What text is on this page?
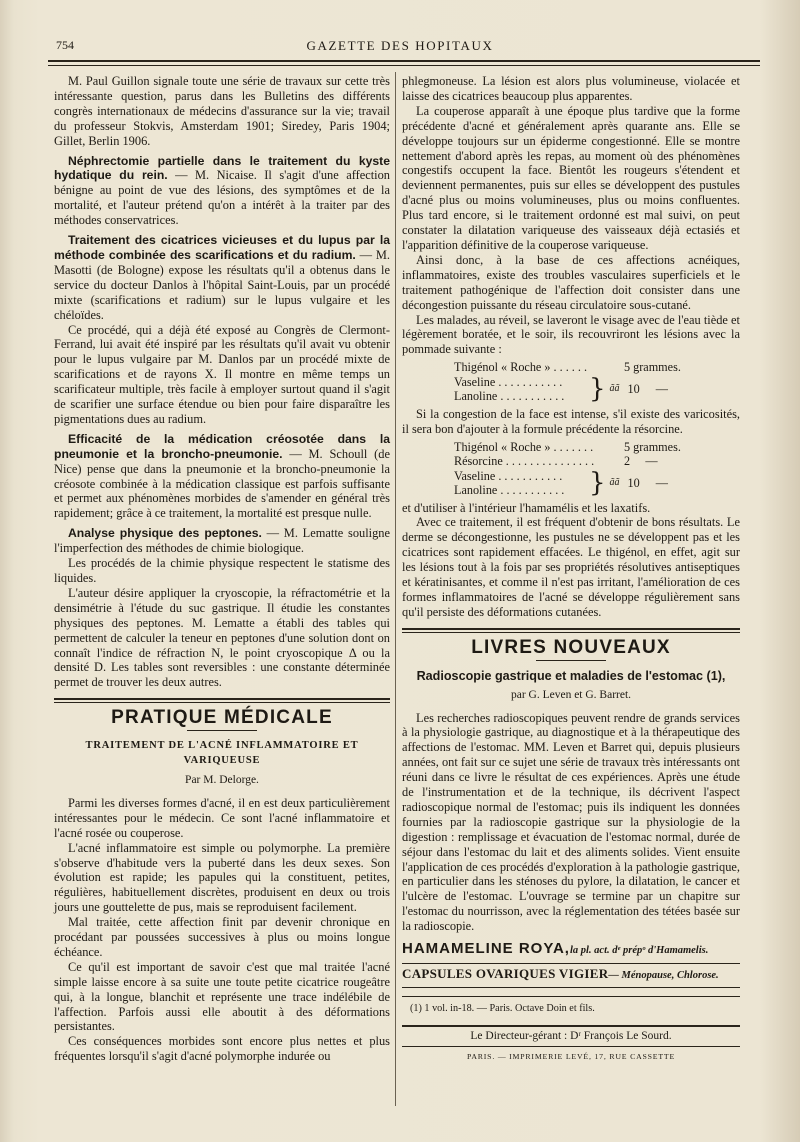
754	GAZETTE DES HOPITAUX

M. Paul Guillon signale toute une série de travaux sur cette très intéressante question, parus dans les Bulletins des différents congrès internationaux de médecins d'assurance sur la vie; travail du professeur Stokvis, Amsterdam 1901; Siredey, Paris 1904; Gillet, Berlin 1906.

Néphrectomie partielle dans le traitement du kyste hydatique du rein. — M. Nicaise. Il s'agit d'une affection bénigne au point de vue des lésions, des symptômes et de la mortalité, et l'auteur prétend qu'on a intérêt à la traiter par des méthodes conservatrices.

Traitement des cicatrices vicieuses et du lupus par la méthode combinée des scarifications et du radium. — M. Masotti (de Bologne) expose les résultats qu'il a obtenus dans le service du docteur Danlos à l'hôpital Saint-Louis, par un procédé mixte (scarifications et radium) sur le lupus vulgaire et les chéloïdes.

Ce procédé, qui a déjà été exposé au Congrès de Clermont-Ferrand, lui avait été inspiré par les résultats qu'il avait vu obtenir pour le lupus vulgaire par M. Danlos par un procédé mixte de scarifications et de rayons X. Il montre en même temps un scarificateur multiple, très facile à employer surtout quand il s'agit de scarifier une surface étendue ou bien pour faire disparaître les pigmentations dues au radium.

Efficacité de la médication créosotée dans la pneumonie et la broncho-pneumonie. — M. Schoull (de Nice) pense que dans la pneumonie et la broncho-pneumonie la créosote combinée à la médication classique est parfois suffisante et permet aux phénomènes morbides de s'amender en général très rapidement; grâce à ce traitement, la mortalité est presque nulle.

Analyse physique des peptones. — M. Lematte souligne l'imperfection des méthodes de chimie biologique.

Les procédés de la chimie physique respectent le statisme des liquides.

L'auteur désire appliquer la cryoscopie, la réfractométrie et la densimétrie à l'étude du suc gastrique. Il étudie les constantes physiques des peptones. M. Lematte a établi des tables qui permettent de calculer la teneur en peptones d'une solution dont on connaît l'indice de réfraction N, le point cryoscopique Δ ou la densité D. Les tables sont reversibles : une constante déterminée permet de trouver les deux autres.

PRATIQUE MÉDICALE
TRAITEMENT DE L'ACNÉ INFLAMMATOIRE ET VARIQUEUSE
Par M. Delorge.

Parmi les diverses formes d'acné, il en est deux particulièrement intéressantes pour le médecin. Ce sont l'acné inflammatoire et l'acné rosée ou couperose.

L'acné inflammatoire est simple ou polymorphe. La première s'observe d'habitude vers la puberté dans les deux sexes. Son évolution est rapide; les papules qui la constituent, petites, régulières, habituellement discrètes, produisent en deux ou trois jours une gouttelette de pus, mais se reproduisent facilement.

Mal traitée, cette affection finit par devenir chronique en procédant par poussées successives à plus ou moins longue échéance.

Ce qu'il est important de savoir c'est que mal traitée l'acné simple laisse encore à sa suite une toute petite cicatrice rougeâtre qui, à la longue, blanchit et représente une trace indélébile de l'affection. Parfois aussi elle aboutit à des déformations persistantes.

Ces conséquences morbides sont encore plus nettes et plus fréquentes lorsqu'il s'agit d'acné polymorphe indurée ou

phlegmoneuse. La lésion est alors plus volumineuse, violacée et laisse des cicatrices beaucoup plus apparentes.

La couperose apparaît à une époque plus tardive que la forme précédente d'acné et généralement après quarante ans. Elle se développe toujours sur un épiderme congestionné. Elle se montre nettement d'abord après les repas, au moment où des phénomènes congestifs occupent la face. Bientôt les rougeurs s'étendent et deviennent permanentes, puis sur elles se développent des pustules d'acné plus ou moins volumineuses, plus ou moins confluentes. Plus tard encore, si le traitement ordonné est mal suivi, on peut constater la dilatation variqueuse des vaisseaux déjà ectasiés et l'apparition définitive de la couperose variqueuse.

Ainsi donc, à la base de ces affections acnéiques, inflammatoires, existe des troubles vasculaires superficiels et le traitement pathogénique de l'affection doit consister dans une décongestion puissante du réseau circulatoire sous-cutané.

Les malades, au réveil, se laveront le visage avec de l'eau tiède et légèrement boratée, et le soir, ils recouvriront les lésions avec la pommade suivante :

Thigénol « Roche » . . . . . .	5 grammes.
Vaseline . . . . . . . . . . .
Lanoline . . . . . . . . . . . } ãã 10 —

Si la congestion de la face est intense, s'il existe des varicosités, il sera bon d'ajouter à la formule précédente la résorcine.

Thigénol « Roche » . . . . . . .	5 grammes.
Résorcine . . . . . . . . . . . . . . .	2 —
Vaseline . . . . . . . . . . .
Lanoline . . . . . . . . . . . } ãã 10 —

et d'utiliser à l'intérieur l'hamamélis et les laxatifs.

Avec ce traitement, il est fréquent d'obtenir de bons résultats. Le derme se décongestionne, les pustules ne se développent pas et les cicatrices sont rapidement effacées. Le thigénol, en effet, agit sur les lésions tout à la fois par ses propriétés résolutives antiseptiques et kératinisantes, et comme il n'est pas irritant, l'amélioration de ces formes inflammatoires de l'acné se développe régulièrement sans qu'il persiste des déformations cutanées.

LIVRES NOUVEAUX
Radioscopie gastrique et maladies de l'estomac (1),
par G. Leven et G. Barret.

Les recherches radioscopiques peuvent rendre de grands services à la physiologie gastrique, au diagnostique et à la thérapeutique des affections de l'estomac. MM. Leven et Barret qui, depuis plusieurs années, ont fait sur ce sujet une série de travaux très intéressants ont réuni dans ce livre le résultat de ces expériences. Après une étude de l'instrumentation et de la technique, ils décrivent l'aspect radioscopique normal de l'estomac; puis ils indiquent les données fournies par la radioscopie gastrique sur la physiologie de la digestion : remplissage et évacuation de l'estomac normal, durée de séjour dans l'estomac du lait et des aliments solides. Vient ensuite l'application de ces procédés d'exploration à la pathologie gastrique, en particulier dans les sténoses du pylore, la dilatation, le cancer et l'ulcère de l'estomac. L'ouvrage se termine par un chapitre sur l'estomac du nourrisson, avec la réglementation des tétées basée sur la radioscopie.

HAMAMELINE ROYA,la pl. act. dᵉ prépᵒ d'Hamamelis.
CAPSULES OVARIQUES VIGIER— Ménopause, Chlorose.
(1) 1 vol. in-18. — Paris. Octave Doin et fils.
Le Directeur-gérant : Dʳ François Le Sourd.
PARIS. — IMPRIMERIE LEVÉ, 17, RUE CASSETTE
